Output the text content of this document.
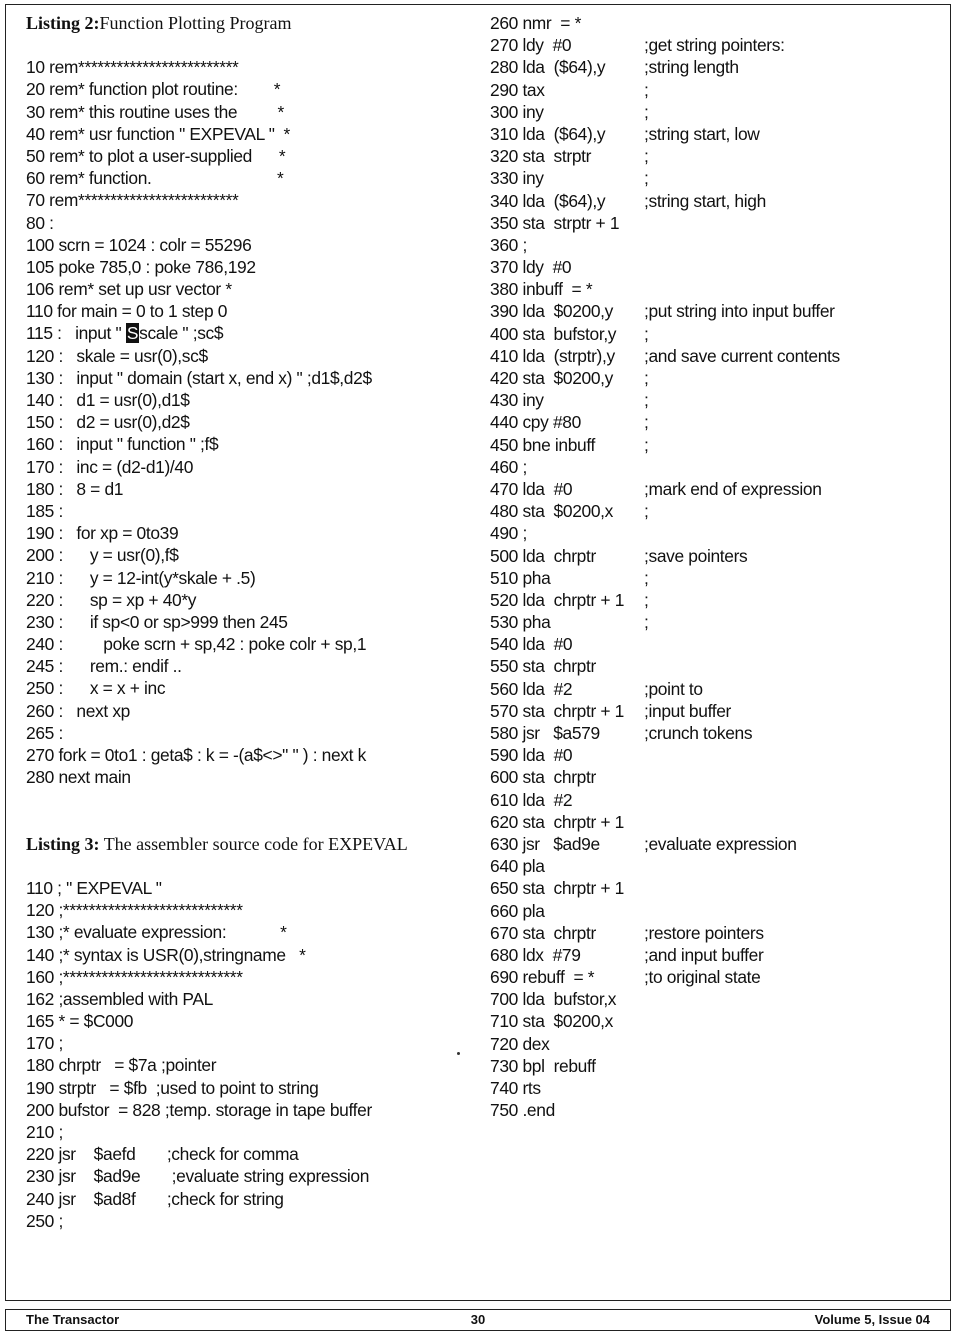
Listing 2:Function Plotting Program
10 rem*************************
20 rem* function plot routine:        *
30 rem* this routine uses the         *
40 rem* usr function " EXPEVAL "  *
50 rem* to plot a user-supplied      *
60 rem* function.                            *
70 rem*************************
80 :
100 scrn = 1024 : colr = 55296
105 poke 785,0 : poke 786,192
106 rem* set up usr vector *
110 for main = 0 to 1 step 0
115 :   input " Sscale " ;sc$
120 :   skale = usr(0),sc$
130 :   input " domain (start x, end x) " ;d1$,d2$
140 :   d1 = usr(0),d1$
150 :   d2 = usr(0),d2$
160 :   input " function " ;f$
170 :   inc = (d2-d1)/40
180 :   8 = d1
185 :
190 :   for xp = 0to39
200 :      y = usr(0),f$
210 :      y = 12-int(y*skale + .5)
220 :      sp = xp + 40*y
230 :      if sp<0 or sp>999 then 245
240 :         poke scrn + sp,42 : poke colr + sp,1
245 :      rem.: endif ..
250 :      x = x + inc
260 :   next xp
265 :
270 fork = 0to1 : geta$ : k = -(a$<>" " ) : next k
280 next main
Listing 3: The assembler source code for EXPEVAL
110 ; " EXPEVAL "
120 ;****************************
130 ;* evaluate expression:            *
140 ;* syntax is USR(0),stringname   *
160 ;****************************
162 ;assembled with PAL
165 * = $C000
170 ;
180 chrptr   = $7a ;pointer
190 strptr   = $fb  ;used to point to string
200 bufstor  = 828 ;temp. storage in tape buffer
210 ;
220 jsr    $aefd       ;check for comma
230 jsr    $ad9e       ;evaluate string expression
240 jsr    $ad8f       ;check for string
250 ;
260 nmr  = *
270 ldy  #0	;get string pointers:
280 lda  ($64),y ;string length
290 tax	;
300 iny	;
310 lda  ($64),y ;string start, low
320 sta  strptr	;
330 iny	;
340 lda  ($64),y ;string start, high
350 sta  strptr + 1
360 ;
370 ldy  #0
380 inbuff  = *
390 lda  $0200,y ;put string into input buffer
400 sta  bufstor,y ;
410 lda  (strptr),y ;and save current contents
420 sta  $0200,y ;
430 iny	;
440 cpy #80	;
450 bne inbuff	;
460 ;
470 lda  #0	;mark end of expression
480 sta  $0200,x ;
490 ;
500 lda  chrptr	;save pointers
510 pha	;
520 lda  chrptr + 1 ;
530 pha	;
540 lda  #0
550 sta  chrptr
560 lda  #2	;point to
570 sta  chrptr + 1 ;input buffer
580 jsr   $a579	;crunch tokens
590 lda  #0
600 sta  chrptr
610 lda  #2
620 sta  chrptr + 1
630 jsr   $ad9e	;evaluate expression
640 pla
650 sta  chrptr + 1
660 pla
670 sta  chrptr	;restore pointers
680 ldx  #79	;and input buffer
690 rebuff  = *	;to original state
700 lda  bufstor,x
710 sta  $0200,x
720 dex
730 bpl  rebuff
740 rts
750 .end
The Transactor	30	Volume 5, Issue 04
